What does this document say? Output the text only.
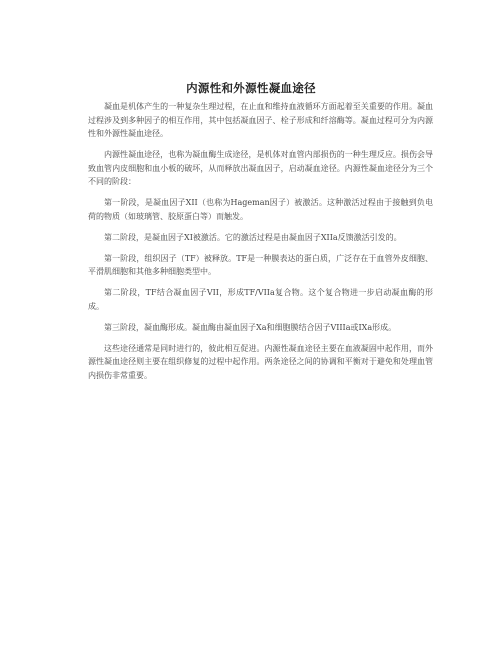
内源性和外源性凝血途径

凝血是机体产生的一种复杂生理过程，在止血和维持血液循环方面起着至关重要的作用。凝血过程涉及到多种因子的相互作用，其中包括凝血因子、栓子形成和纤溶酶等。凝血过程可分为内源性和外源性凝血途径。

内源性凝血途径，也称为凝血酶生成途径，是机体对血管内部损伤的一种生理反应。损伤会导致血管内皮细胞和血小板的破坏，从而释放出凝血因子，启动凝血途径。内源性凝血途径分为三个不同的阶段：

第一阶段，是凝血因子XII（也称为Hageman因子）被激活。这种激活过程由于接触到负电荷的物质（如玻璃管、胶原蛋白等）而触发。

第二阶段，是凝血因子XI被激活。它的激活过程是由凝血因子XIIa反馈激活引发的。

第一阶段，组织因子（TF）被释放。TF是一种膜表达的蛋白质，广泛存在于血管外皮细胞、平滑肌细胞和其他多种细胞类型中。

第二阶段，TF结合凝血因子VII，形成TF/VIIa复合物。这个复合物进一步启动凝血酶的形成。

第三阶段，凝血酶形成。凝血酶由凝血因子Xa和细胞膜结合因子VIIIa或IXa形成。

这些途径通常是同时进行的，彼此相互促进。内源性凝血途径主要在血液凝固中起作用，而外源性凝血途径则主要在组织修复的过程中起作用。两条途径之间的协调和平衡对于避免和处理血管内损伤非常重要。
